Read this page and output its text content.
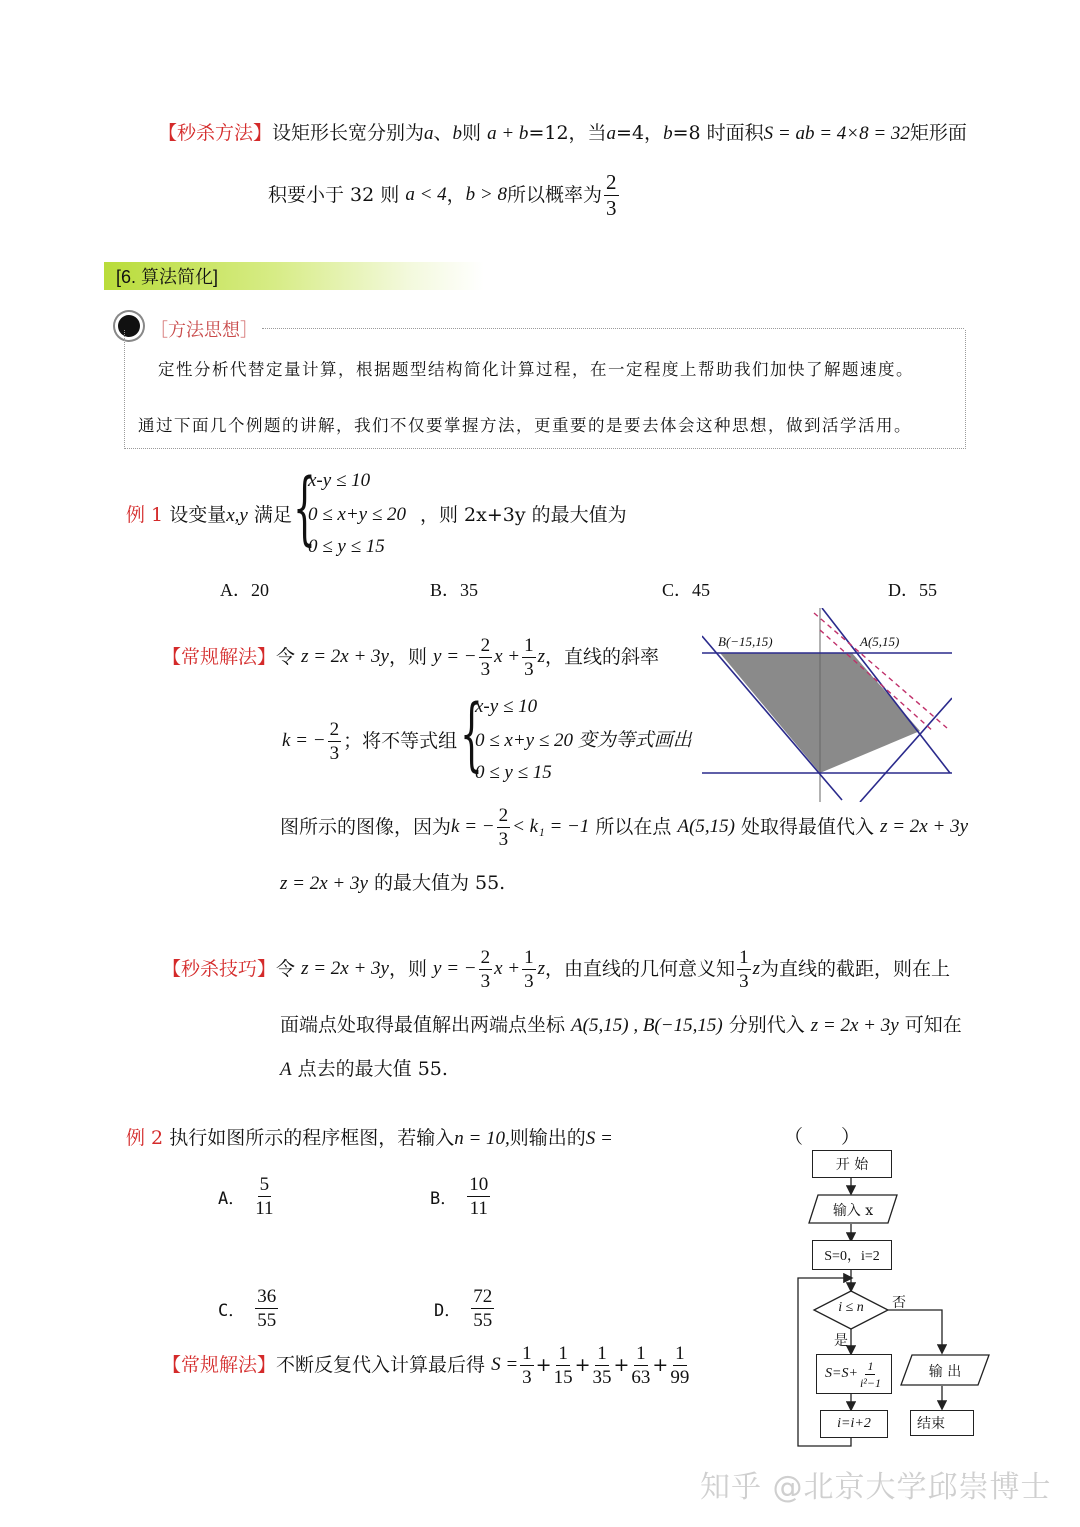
【秒杀方法】设矩形长宽分别为a、b则 a + b=12，当a=4，b=8 时面积S = ab = 4×8 = 32矩形面
积要小于 32 则
a < 4 ， b > 8 所以概率为 $\frac{2}{3}$
[6. 算法简化]
［方法思想］
定性分析代替定量计算，根据题型结构简化计算过程，在一定程度上帮助我们加快了解题速度。
通过下面几个例题的讲解，我们不仅要掌握方法，更重要的是要去体会这种思想，做到活学活用。
例 1 设变量x,y 满足 {
x-y ≤ 10
0 ≤ x+y ≤ 20
0 ≤ y ≤ 15
，则 2x+3y 的最大值为
A．20	B．35	C．45	D．55
【常规解法】 令
z = 2x + 3y ，则
y = − $\frac{2}{3}$ $x + \frac{1}{3}$ z ，直线的斜率
k = − $\frac{2}{3}$ ；将不等式组 {
x-y ≤ 10
0 ≤ x+y ≤ 20 变为等式画出
0 ≤ y ≤ 15
B(−15,15)	A(5,15)
图所示的图像，因为 k = − $\frac{2}{3} < k_1 = -1$
所以在点
A(5,15)
处取得最值代入
z = 2x + 3y
z = 2x + 3y 的最大值为 55.
【秒杀技巧】 令
z = 2x + 3y ，则
y = − $\frac{2}{3}$ $x + \frac{1}{3}$ z ，由直线的几何意义知 $\frac{1}{3}$ z 为直线的截距，则在上
面端点处取得最值解出两端点坐标 A(5,15) , B(−15,15) 分别代入 z = 2x + 3y 可知在
A 点去的最大值 55.
例 2 执行如图所示的程序框图，若输入n = 10,则输出的S =	（　　）
A． $\frac{5}{11}$	B． $\frac{10}{11}$
C． $\frac{36}{55}$	D． $\frac{72}{55}$
【常规解法】 不断反复代入计算最后得
$S = \frac{1}{3} + \frac{1}{15} + \frac{1}{35} + \frac{1}{63} + \frac{1}{99}$
开 始
输入 x
S=0，i=2
i ≤ n	否
是
$S=S+ \frac{1}{\text{i²−1}}$
i=i+2
输 出
结束
知乎 @北京大学邱崇博士
